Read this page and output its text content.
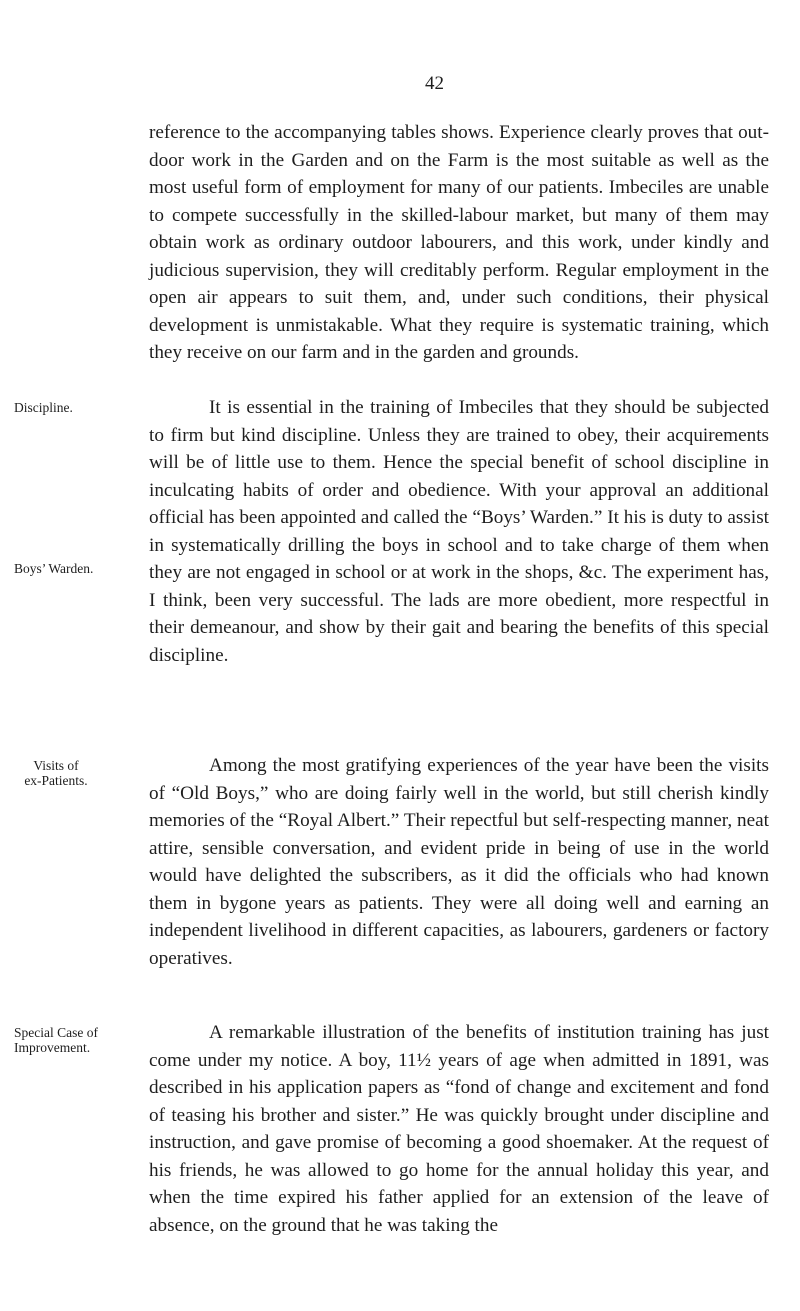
42

reference to the accompanying tables shows. Experience clearly proves that out-door work in the Garden and on the Farm is the most suitable as well as the most useful form of employment for many of our patients. Imbeciles are unable to compete successfully in the skilled-labour market, but many of them may obtain work as ordinary outdoor labourers, and this work, under kindly and judicious supervision, they will creditably perform. Regular employment in the open air appears to suit them, and, under such conditions, their physical development is unmistakable. What they require is systematic training, which they receive on our farm and in the garden and grounds.

Discipline.	It is essential in the training of Imbeciles that they should be subjected to firm but kind discipline. Unless they are trained to obey, their acquirements will be of little use to them. Hence the special benefit of school discipline in inculcating habits of order and obedience. With your approval an additional official has been appointed and called the “Boys’ Warden.” It his is duty to assist in systematically drilling the boys in school and to take charge of them when they are not engaged in school or at work in the shops, &c. The experiment has, I think, been very successful. The lads are more obedient, more respectful in their demeanour, and show by their gait and bearing the benefits of this special discipline.

Boys’ Warden.
Visits of
ex-Patients.

Among the most gratifying experiences of the year have been the visits of “Old Boys,” who are doing fairly well in the world, but still cherish kindly memories of the “Royal Albert.” Their repectful but self-respecting manner, neat attire, sensible conversation, and evident pride in being of use in the world would have delighted the subscribers, as it did the officials who had known them in bygone years as patients. They were all doing well and earning an independent livelihood in different capacities, as labourers, gardeners or factory operatives.

Special Case of
Improvement.

A remarkable illustration of the benefits of institution training has just come under my notice. A boy, 11½ years of age when admitted in 1891, was described in his application papers as “fond of change and excitement and fond of teasing his brother and sister.” He was quickly brought under discipline and instruction, and gave promise of becoming a good shoemaker. At the request of his friends, he was allowed to go home for the annual holiday this year, and when the time expired his father applied for an extension of the leave of absence, on the ground that he was taking the
